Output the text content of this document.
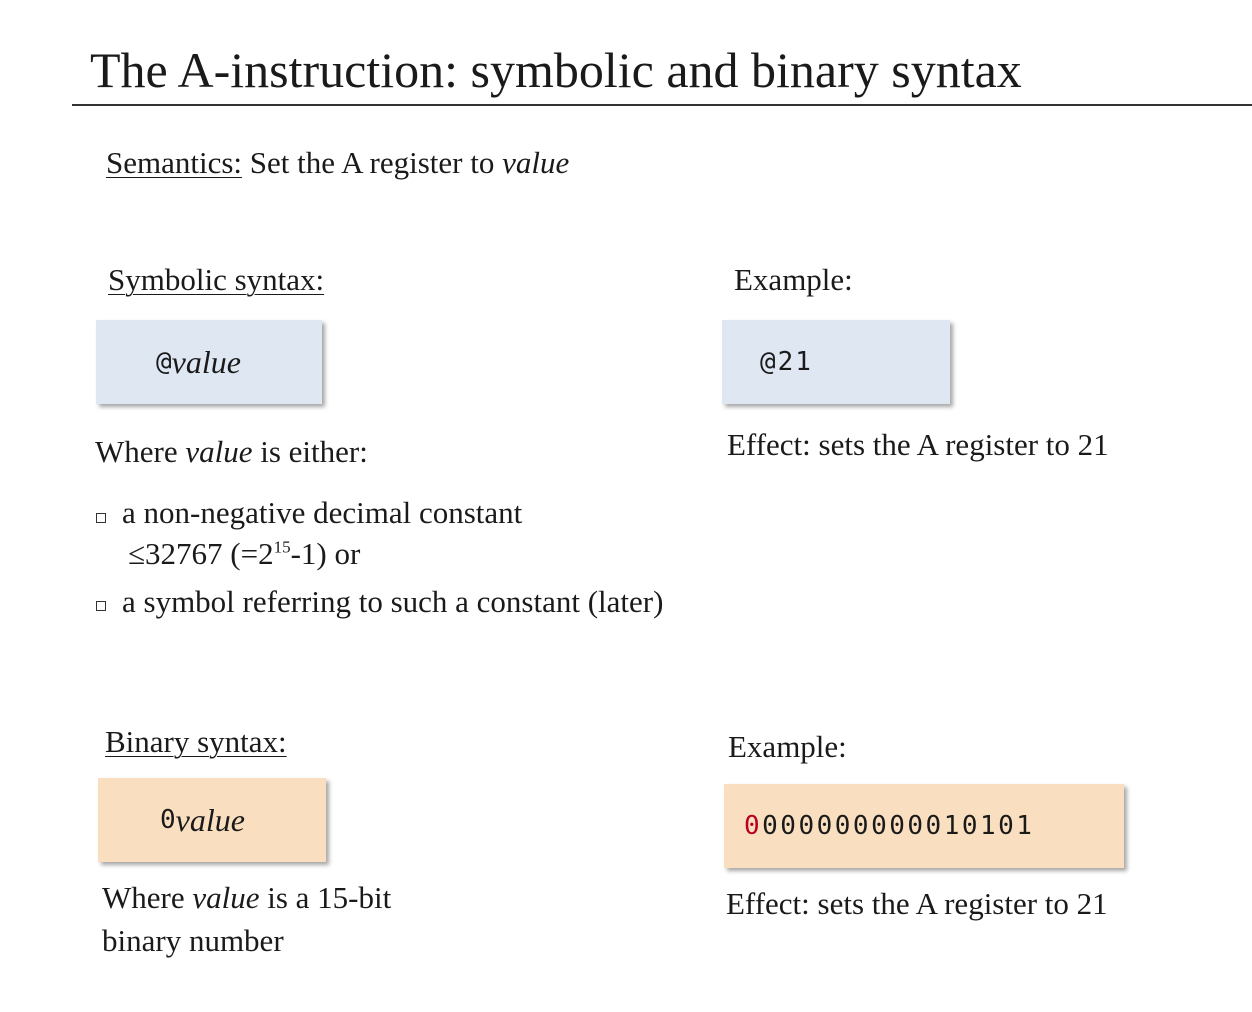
The A-instruction: symbolic and binary syntax
Semantics: Set the A register to value
Symbolic syntax:
@ value
Where value is either:
a non-negative decimal constant
≤32767 $(=2^{15}-1)$ or
a symbol referring to such a constant (later)
Example:
@21
Effect: sets the A register to 21
Binary syntax:
0 value
Where value is a 15-bit
binary number
Example:
0 000000000010101
Effect: sets the A register to 21
